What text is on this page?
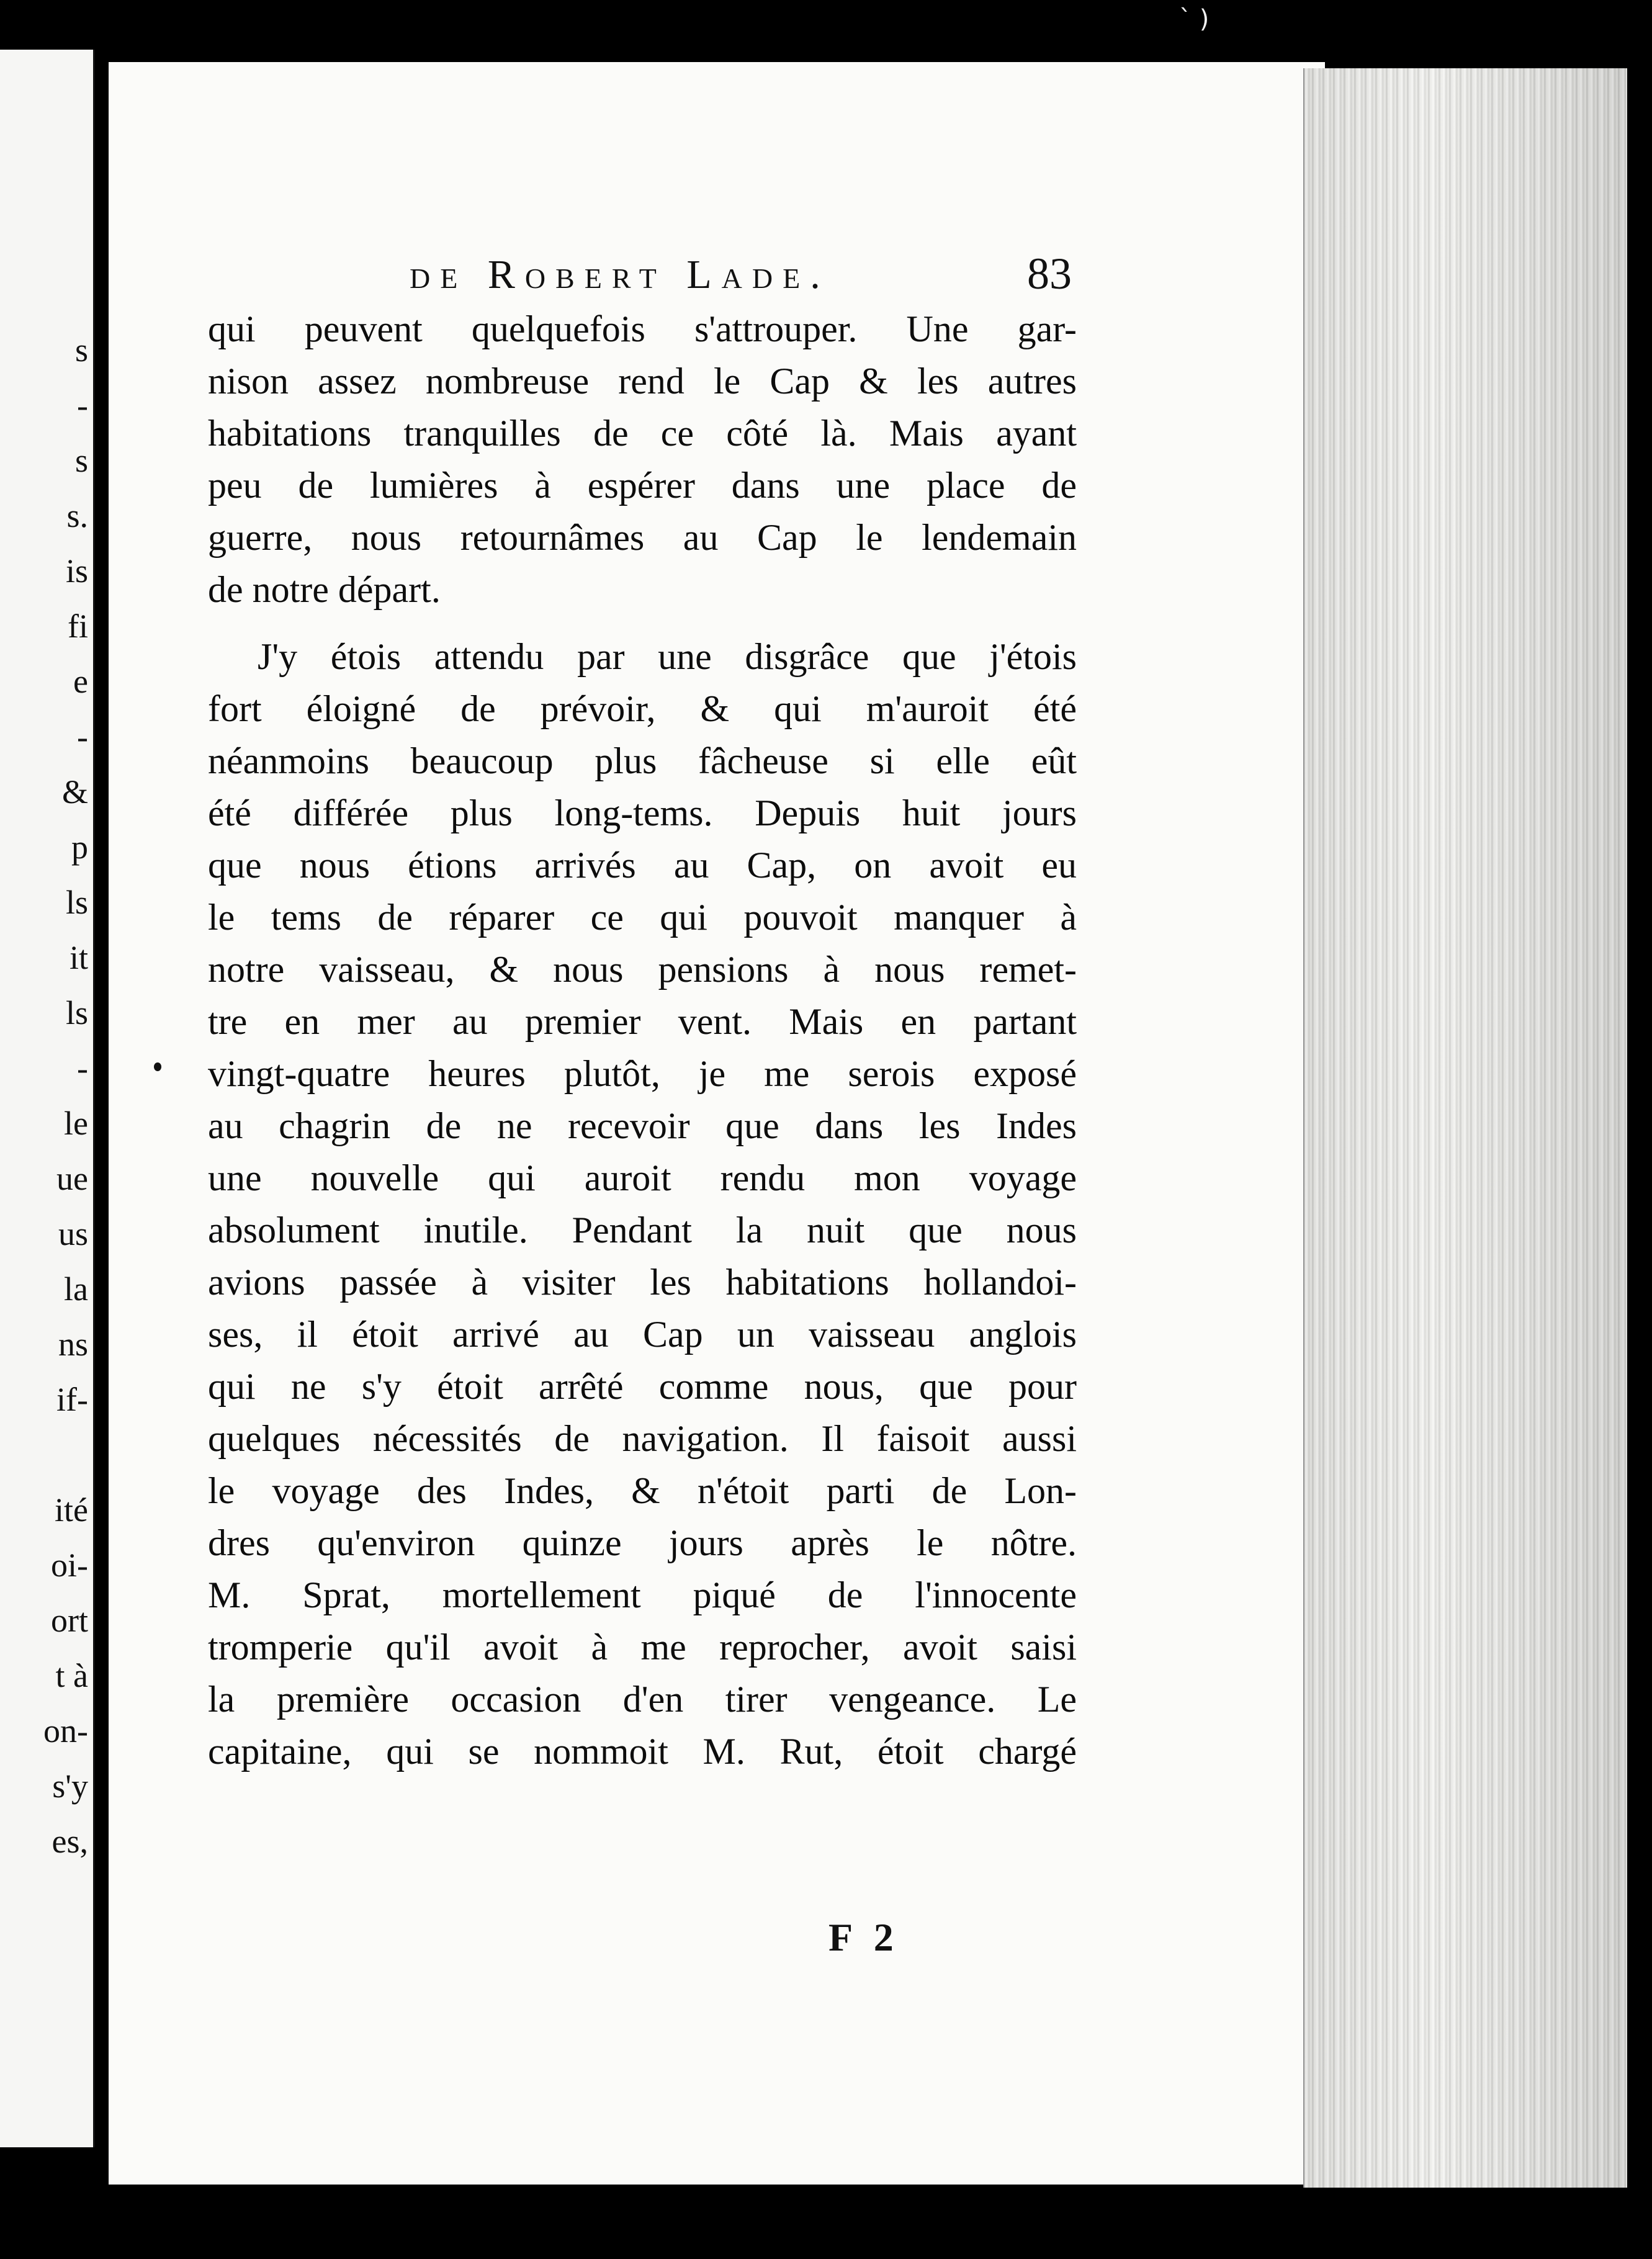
` )
s
-
s
s.
is
fi
e
-
&
p
ls
it
ls
-
le
ue
us
la
ns
if-
ité
oi-
ort
t à
on-
s'y
es,
de Robert Lade.	83
qui peuvent quelquefois s'attrouper. Une gar-
nison assez nombreuse rend le Cap & les autres
habitations tranquilles de ce côté là. Mais ayant
peu de lumières à espérer dans une place de
guerre, nous retournâmes au Cap le lendemain
de notre départ.
J'y étois attendu par une disgrâce que j'étois
fort éloigné de prévoir, & qui m'auroit été
néanmoins beaucoup plus fâcheuse si elle eût
été différée plus long-tems. Depuis huit jours
que nous étions arrivés au Cap, on avoit eu
le tems de réparer ce qui pouvoit manquer à
notre vaisseau, & nous pensions à nous remet-
tre en mer au premier vent. Mais en partant
vingt-quatre heures plutôt, je me serois exposé
au chagrin de ne recevoir que dans les Indes
une nouvelle qui auroit rendu mon voyage
absolument inutile. Pendant la nuit que nous
avions passée à visiter les habitations hollandoi-
ses, il étoit arrivé au Cap un vaisseau anglois
qui ne s'y étoit arrêté comme nous, que pour
quelques nécessités de navigation. Il faisoit aussi
le voyage des Indes, & n'étoit parti de Lon-
dres qu'environ quinze jours après le nôtre.
M. Sprat, mortellement piqué de l'innocente
tromperie qu'il avoit à me reprocher, avoit saisi
la première occasion d'en tirer vengeance. Le
capitaine, qui se nommoit M. Rut, étoit chargé
F 2
